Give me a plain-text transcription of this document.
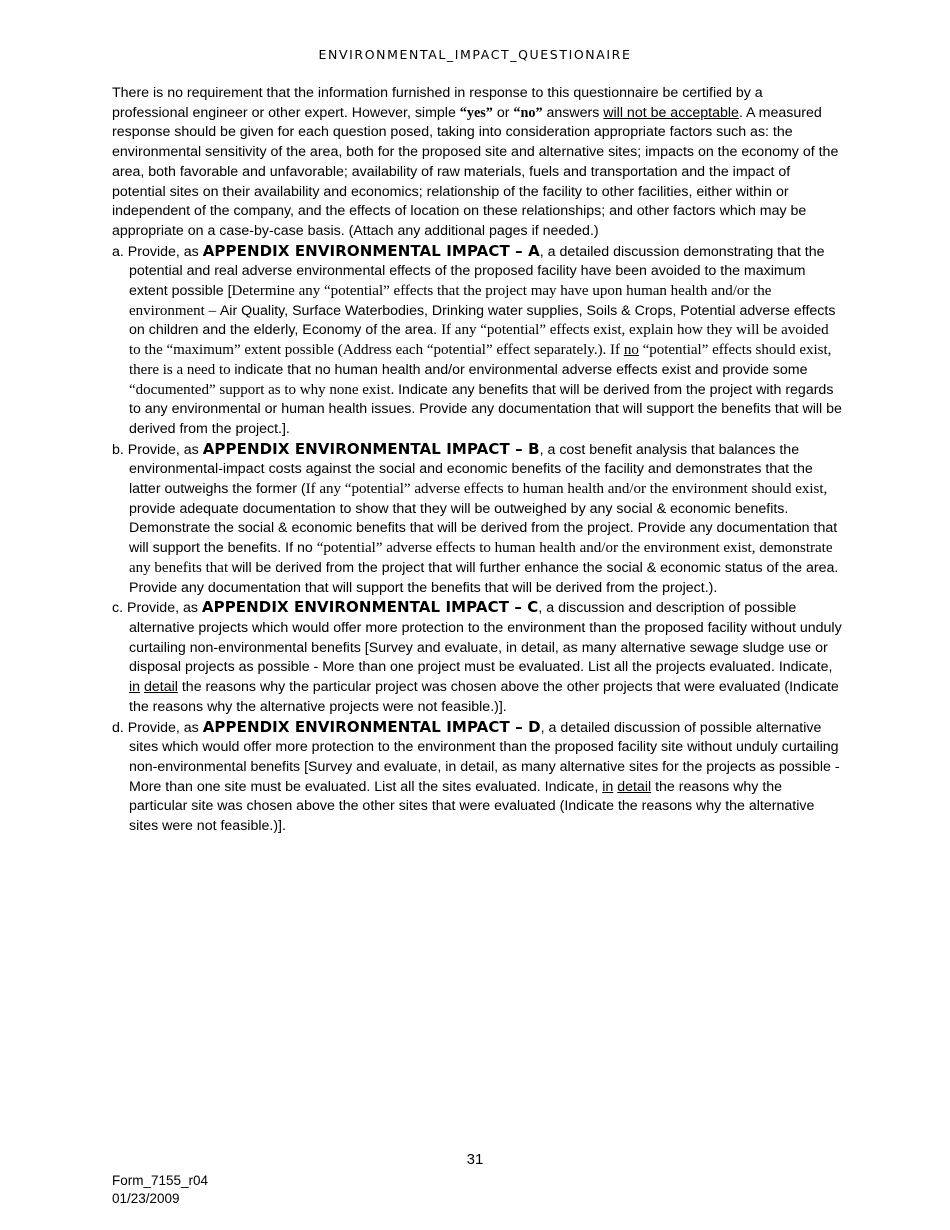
ENVIRONMENTAL_IMPACT_QUESTIONAIRE

There is no requirement that the information furnished in response to this questionnaire be certified by a professional engineer or other expert. However, simple “yes” or “no” answers will not be acceptable. A measured response should be given for each question posed, taking into consideration appropriate factors such as: the environmental sensitivity of the area, both for the proposed site and alternative sites; impacts on the economy of the area, both favorable and unfavorable; availability of raw materials, fuels and transportation and the impact of potential sites on their availability and economics; relationship of the facility to other facilities, either within or independent of the company, and the effects of location on these relationships; and other factors which may be appropriate on a case-by-case basis. (Attach any additional pages if needed.)

a. Provide, as APPENDIX ENVIRONMENTAL IMPACT – A, a detailed discussion demonstrating that the potential and real adverse environmental effects of the proposed facility have been avoided to the maximum extent possible [Determine any “potential” effects that the project may have upon human health and/or the environment – Air Quality, Surface Waterbodies, Drinking water supplies, Soils & Crops, Potential adverse effects on children and the elderly, Economy of the area. If any “potential” effects exist, explain how they will be avoided to the “maximum” extent possible (Address each “potential” effect separately.). If no “potential” effects should exist, there is a need to indicate that no human health and/or environmental adverse effects exist and provide some “documented” support as to why none exist. Indicate any benefits that will be derived from the project with regards to any environmental or human health issues. Provide any documentation that will support the benefits that will be derived from the project.].

b. Provide, as APPENDIX ENVIRONMENTAL IMPACT – B, a cost benefit analysis that balances the environmental-impact costs against the social and economic benefits of the facility and demonstrates that the latter outweighs the former (If any “potential” adverse effects to human health and/or the environment should exist, provide adequate documentation to show that they will be outweighed by any social & economic benefits. Demonstrate the social & economic benefits that will be derived from the project. Provide any documentation that will support the benefits. If no “potential” adverse effects to human health and/or the environment exist, demonstrate any benefits that will be derived from the project that will further enhance the social & economic status of the area. Provide any documentation that will support the benefits that will be derived from the project.).

c. Provide, as APPENDIX ENVIRONMENTAL IMPACT – C, a discussion and description of possible alternative projects which would offer more protection to the environment than the proposed facility without unduly curtailing non-environmental benefits [Survey and evaluate, in detail, as many alternative sewage sludge use or disposal projects as possible - More than one project must be evaluated. List all the projects evaluated. Indicate, in detail the reasons why the particular project was chosen above the other projects that were evaluated (Indicate the reasons why the alternative projects were not feasible.)].

d. Provide, as APPENDIX ENVIRONMENTAL IMPACT – D, a detailed discussion of possible alternative sites which would offer more protection to the environment than the proposed facility site without unduly curtailing non-environmental benefits [Survey and evaluate, in detail, as many alternative sites for the projects as possible - More than one site must be evaluated. List all the sites evaluated. Indicate, in detail the reasons why the particular site was chosen above the other sites that were evaluated (Indicate the reasons why the alternative sites were not feasible.)].

31
Form_7155_r04
01/23/2009
